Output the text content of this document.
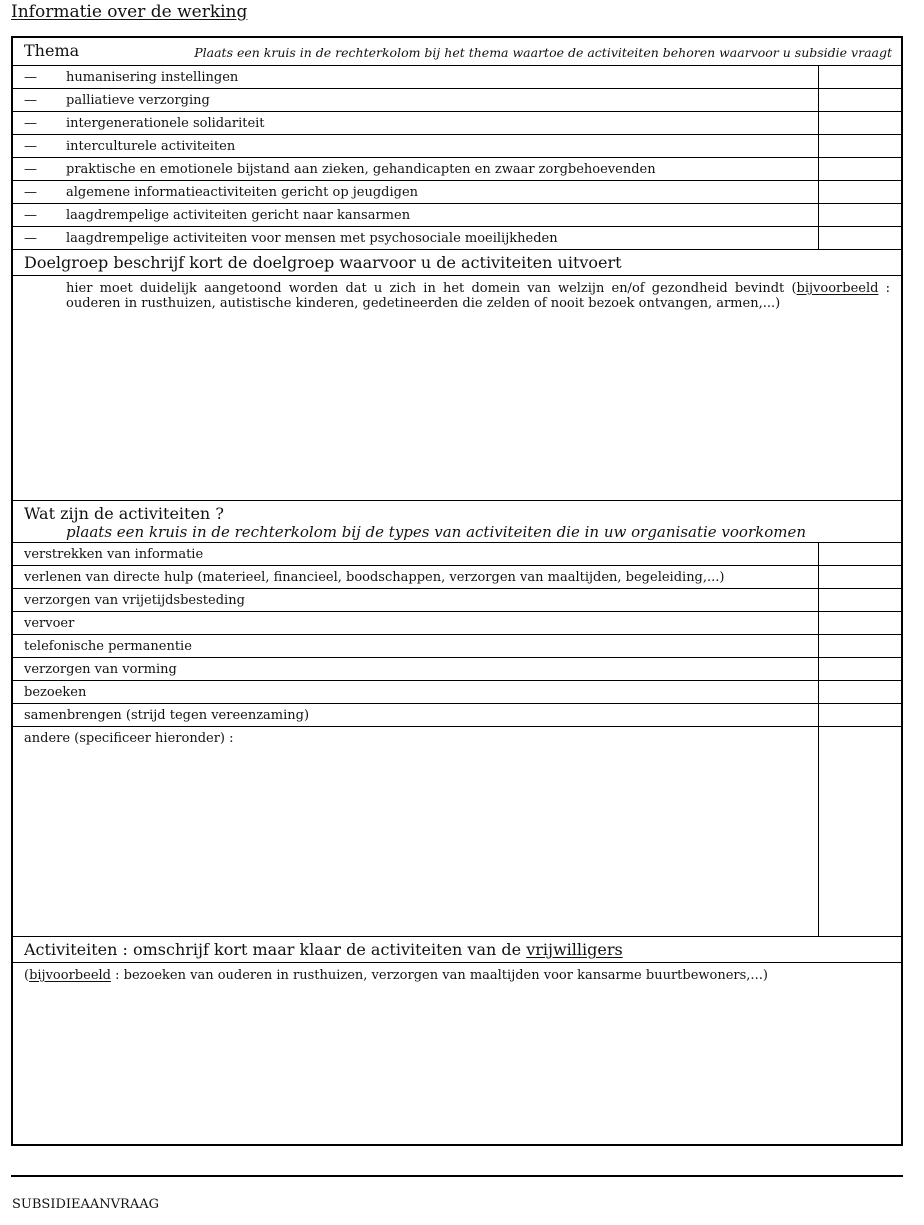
Informatie over de werking
Thema	Plaats een kruis in de rechterkolom bij het thema waartoe de activiteiten behoren waarvoor u subsidie vraagt
— humanisering instellingen
— palliatieve verzorging
— intergenerationele solidariteit
— interculturele activiteiten
— praktische en emotionele bijstand aan zieken, gehandicapten en zwaar zorgbehoevenden
— algemene informatieactiviteiten gericht op jeugdigen
— laagdrempelige activiteiten gericht naar kansarmen
— laagdrempelige activiteiten voor mensen met psychosociale moeilijkheden
Doelgroep beschrijf kort de doelgroep waarvoor u de activiteiten uitvoert
hier moet duidelijk aangetoond worden dat u zich in het domein van welzijn en/of gezondheid bevindt (bijvoorbeeld : ouderen in rusthuizen, autistische kinderen, gedetineerden die zelden of nooit bezoek ontvangen, armen,...)
Wat zijn de activiteiten ?
plaats een kruis in de rechterkolom bij de types van activiteiten die in uw organisatie voorkomen
verstrekken van informatie
verlenen van directe hulp (materieel, financieel, boodschappen, verzorgen van maaltijden, begeleiding,...)
verzorgen van vrijetijdsbesteding
vervoer
telefonische permanentie
verzorgen van vorming
bezoeken
samenbrengen (strijd tegen vereenzaming)
andere (specificeer hieronder) :
Activiteiten : omschrijf kort maar klaar de activiteiten van de vrijwilligers
(bijvoorbeeld : bezoeken van ouderen in rusthuizen, verzorgen van maaltijden voor kansarme buurtbewoners,...)
SUBSIDIEAANVRAAG
